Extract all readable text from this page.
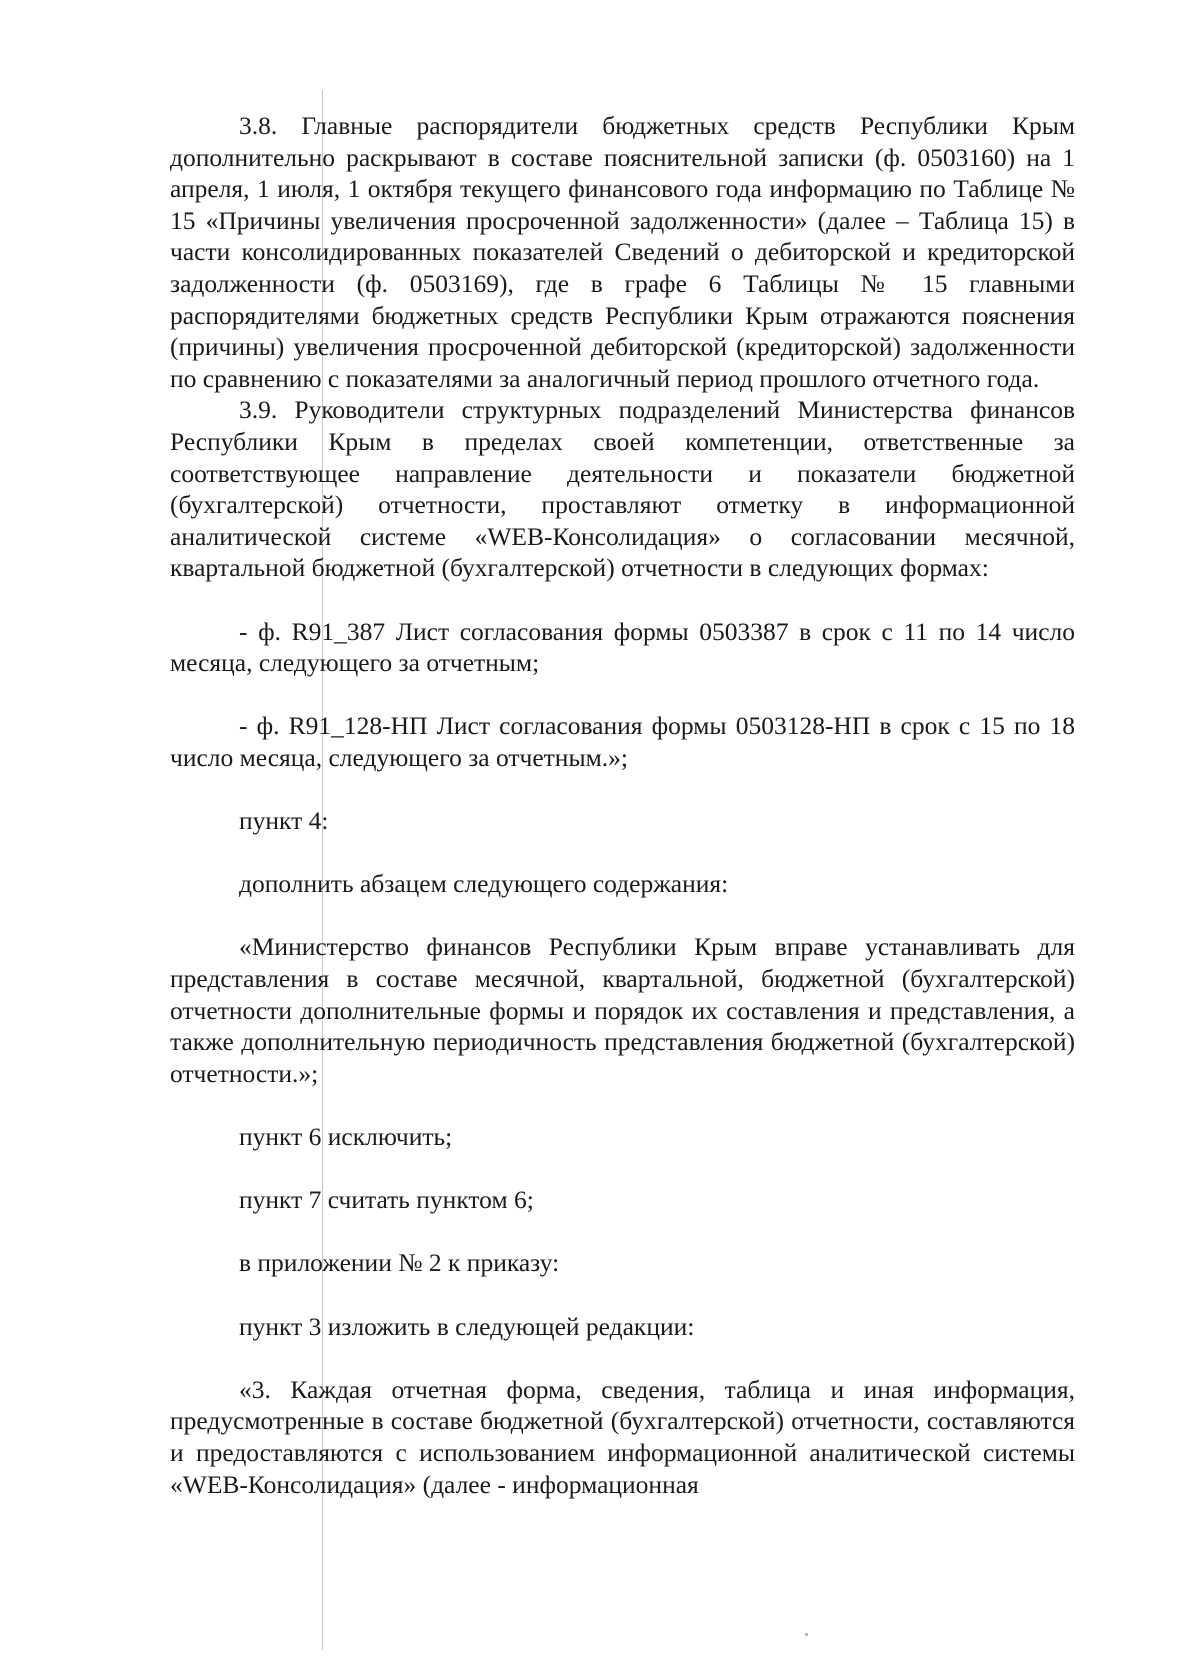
3.8. Главные распорядители бюджетных средств Республики Крым дополнительно раскрывают в составе пояснительной записки (ф. 0503160) на 1 апреля, 1 июля, 1 октября текущего финансового года информацию по Таблице № 15 «Причины увеличения просроченной задолженности» (далее – Таблица 15) в части консолидированных показателей Сведений о дебиторской и кредиторской задолженности (ф. 0503169), где в графе 6 Таблицы № 15 главными распорядителями бюджетных средств Республики Крым отражаются пояснения (причины) увеличения просроченной дебиторской (кредиторской) задолженности по сравнению с показателями за аналогичный период прошлого отчетного года.

3.9. Руководители структурных подразделений Министерства финансов Республики Крым в пределах своей компетенции, ответственные за соответствующее направление деятельности и показатели бюджетной (бухгалтерской) отчетности, проставляют отметку в информационной аналитической системе «WEB-Консолидация» о согласовании месячной, квартальной бюджетной (бухгалтерской) отчетности в следующих формах:

- ф. R91_387 Лист согласования формы 0503387 в срок с 11 по 14 число месяца, следующего за отчетным;

- ф. R91_128-НП Лист согласования формы 0503128-НП в срок с 15 по 18 число месяца, следующего за отчетным.»;

пункт 4:

дополнить абзацем следующего содержания:

«Министерство финансов Республики Крым вправе устанавливать для представления в составе месячной, квартальной, бюджетной (бухгалтерской) отчетности дополнительные формы и порядок их составления и представления, а также дополнительную периодичность представления бюджетной (бухгалтерской) отчетности.»;

пункт 6 исключить;

пункт 7 считать пунктом 6;

в приложении № 2 к приказу:

пункт 3 изложить в следующей редакции:

«3. Каждая отчетная форма, сведения, таблица и иная информация, предусмотренные в составе бюджетной (бухгалтерской) отчетности, составляются и предоставляются с использованием информационной аналитической системы «WEB-Консолидация» (далее - информационная
